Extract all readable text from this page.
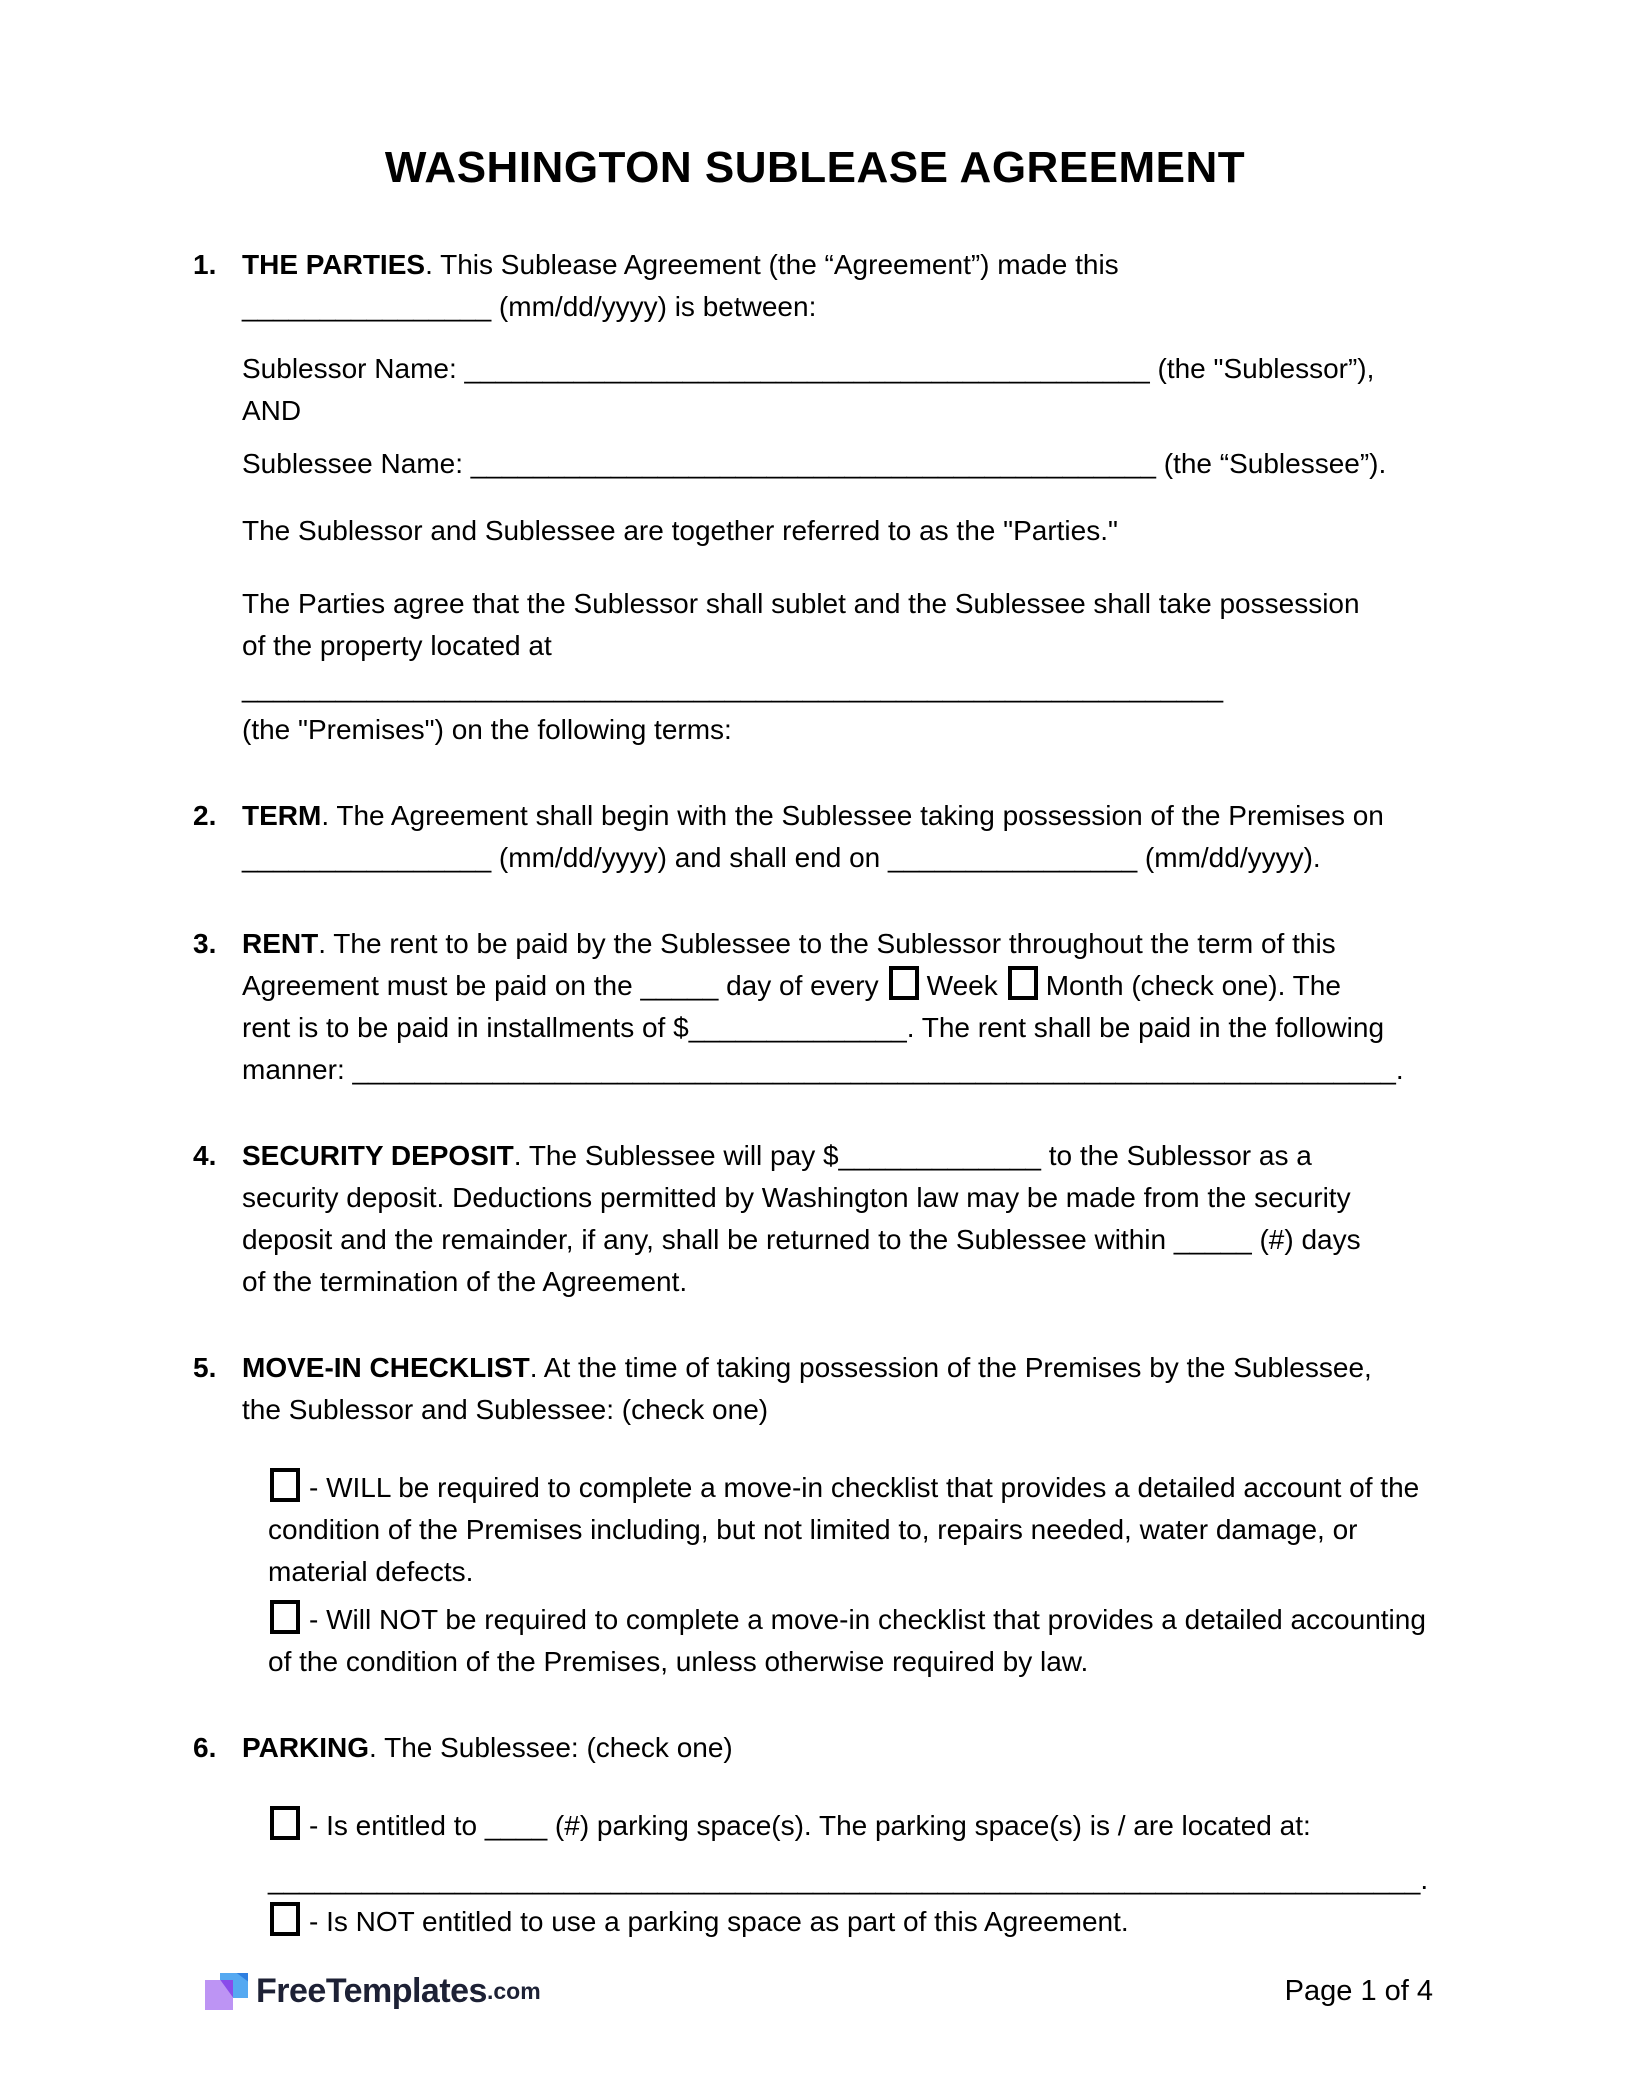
WASHINGTON SUBLEASE AGREEMENT
1. THE PARTIES. This Sublease Agreement (the “Agreement”) made this

________________ (mm/dd/yyyy) is between:

Sublessor Name: ____________________________________________ (the "Sublessor”), AND

Sublessee Name: ____________________________________________ (the “Sublessee”).

The Sublessor and Sublessee are together referred to as the "Parties."

The Parties agree that the Sublessor shall sublet and the Sublessee shall take possession

of the property located at _______________________________________________________________

(the "Premises") on the following terms:

2. TERM. The Agreement shall begin with the Sublessee taking possession of the Premises on

________________ (mm/dd/yyyy) and shall end on ________________ (mm/dd/yyyy).

3. RENT. The rent to be paid by the Sublessee to the Sublessor throughout the term of this

Agreement must be paid on the _____ day of every Week Month (check one). The

rent is to be paid in installments of $______________. The rent shall be paid in the following

manner: ___________________________________________________________________.

4. SECURITY DEPOSIT. The Sublessee will pay $_____________ to the Sublessor as a

security deposit. Deductions permitted by Washington law may be made from the security

deposit and the remainder, if any, shall be returned to the Sublessee within _____ (#) days

of the termination of the Agreement.

5. MOVE-IN CHECKLIST. At the time of taking possession of the Premises by the Sublessee,

the Sublessor and Sublessee: (check one)

- WILL be required to complete a move-in checklist that provides a detailed account of the condition of the Premises including, but not limited to, repairs needed, water damage, or material defects.
- Will NOT be required to complete a move-in checklist that provides a detailed accounting of the condition of the Premises, unless otherwise required by law.
6. PARKING. The Sublessee: (check one)

- Is entitled to ____ (#) parking space(s). The parking space(s) is / are located at:
__________________________________________________________________________.
- Is NOT entitled to use a parking space as part of this Agreement.
FreeTemplates .com	Page 1 of 4
